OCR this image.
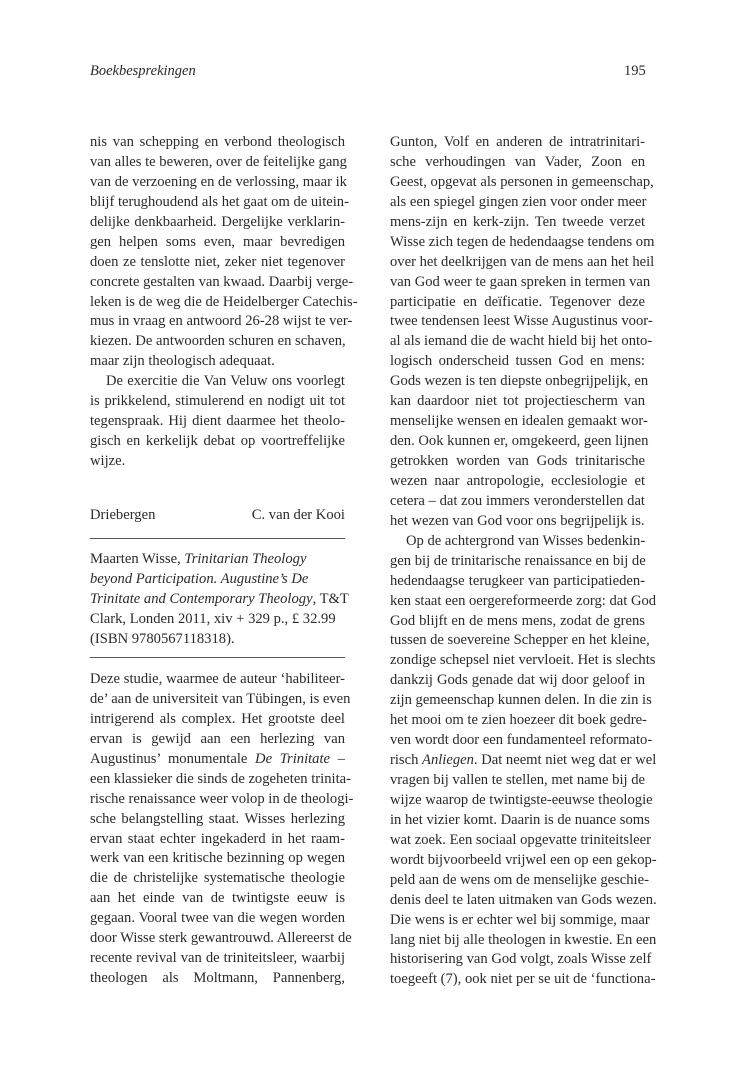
Boekbesprekingen	195
nis van schepping en verbond theologisch
van alles te beweren, over de feitelijke gang
van de verzoening en de verlossing, maar ik
blijf terughoudend als het gaat om de uitein-
delijke denkbaarheid. Dergelijke verklarin-
gen helpen soms even, maar bevredigen
doen ze tenslotte niet, zeker niet tegenover
concrete gestalten van kwaad. Daarbij verge-
leken is de weg die de Heidelberger Catechis-
mus in vraag en antwoord 26-28 wijst te ver-
kiezen. De antwoorden schuren en schaven,
maar zijn theologisch adequaat.
De exercitie die Van Veluw ons voorlegt
is prikkelend, stimulerend en nodigt uit tot
tegenspraak. Hij dient daarmee het theolo-
gisch en kerkelijk debat op voortreffelijke
wijze.
Driebergen	C. van der Kooi
Maarten Wisse, Trinitarian Theology
beyond Participation. Augustine’s De
Trinitate and Contemporary Theology, T&T
Clark, Londen 2011, xiv + 329 p., £ 32.99
(ISBN 9780567118318).
Deze studie, waarmee de auteur ‘habiliteer-
de’ aan de universiteit van Tübingen, is even
intrigerend als complex. Het grootste deel
ervan is gewijd aan een herlezing van
Augustinus’ monumentale De Trinitate –
een klassieker die sinds de zogeheten trinita-
rische renaissance weer volop in de theologi-
sche belangstelling staat. Wisses herlezing
ervan staat echter ingekaderd in het raam-
werk van een kritische bezinning op wegen
die de christelijke systematische theologie
aan het einde van de twintigste eeuw is
gegaan. Vooral twee van die wegen worden
door Wisse sterk gewantrouwd. Allereerst de
recente revival van de triniteitsleer, waarbij
theologen als Moltmann, Pannenberg,
Gunton, Volf en anderen de intratrinitari-
sche verhoudingen van Vader, Zoon en
Geest, opgevat als personen in gemeenschap,
als een spiegel gingen zien voor onder meer
mens-zijn en kerk-zijn. Ten tweede verzet
Wisse zich tegen de hedendaagse tendens om
over het deelkrijgen van de mens aan het heil
van God weer te gaan spreken in termen van
participatie en deïficatie. Tegenover deze
twee tendensen leest Wisse Augustinus voor-
al als iemand die de wacht hield bij het onto-
logisch onderscheid tussen God en mens:
Gods wezen is ten diepste onbegrijpelijk, en
kan daardoor niet tot projectiescherm van
menselijke wensen en idealen gemaakt wor-
den. Ook kunnen er, omgekeerd, geen lijnen
getrokken worden van Gods trinitarische
wezen naar antropologie, ecclesiologie et
cetera – dat zou immers veronderstellen dat
het wezen van God voor ons begrijpelijk is.
Op de achtergrond van Wisses bedenkin-
gen bij de trinitarische renaissance en bij de
hedendaagse terugkeer van participatieden-
ken staat een oergereformeerde zorg: dat God
God blijft en de mens mens, zodat de grens
tussen de soevereine Schepper en het kleine,
zondige schepsel niet vervloeit. Het is slechts
dankzij Gods genade dat wij door geloof in
zijn gemeenschap kunnen delen. In die zin is
het mooi om te zien hoezeer dit boek gedre-
ven wordt door een fundamenteel reformato-
risch Anliegen. Dat neemt niet weg dat er wel
vragen bij vallen te stellen, met name bij de
wijze waarop de twintigste-eeuwse theologie
in het vizier komt. Daarin is de nuance soms
wat zoek. Een sociaal opgevatte triniteitsleer
wordt bijvoorbeeld vrijwel een op een gekop-
peld aan de wens om de menselijke geschie-
denis deel te laten uitmaken van Gods wezen.
Die wens is er echter wel bij sommige, maar
lang niet bij alle theologen in kwestie. En een
historisering van God volgt, zoals Wisse zelf
toegeeft (7), ook niet per se uit de ‘functiona-
